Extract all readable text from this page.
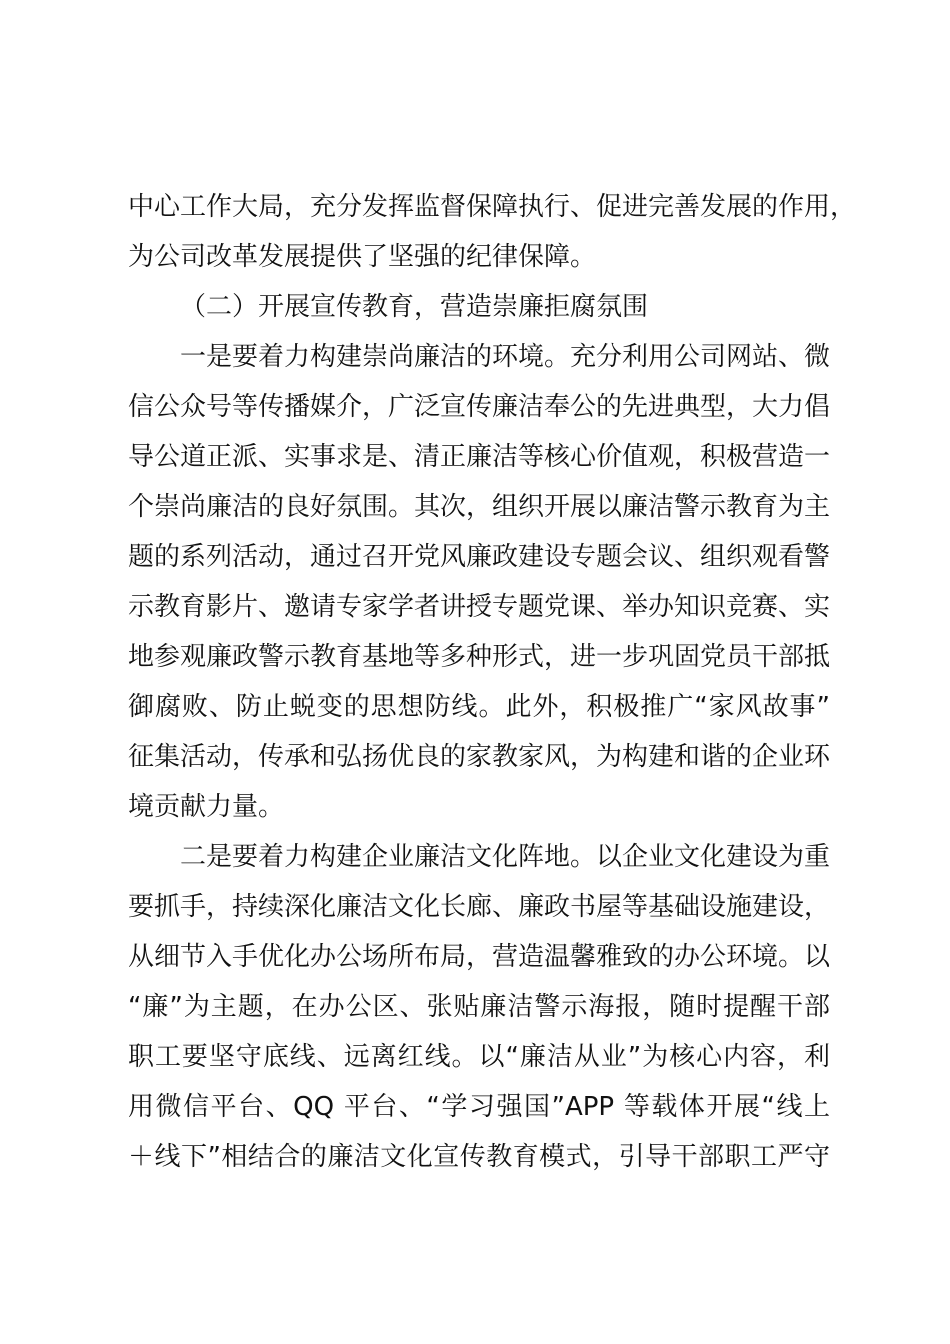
中心工作大局，充分发挥监督保障执行、促进完善发展的作用，
为公司改革发展提供了坚强的纪律保障。
（二）开展宣传教育，营造崇廉拒腐氛围
一是要着力构建崇尚廉洁的环境。充分利用公司网站、微
信公众号等传播媒介，广泛宣传廉洁奉公的先进典型，大力倡
导公道正派、实事求是、清正廉洁等核心价值观，积极营造一
个崇尚廉洁的良好氛围。其次，组织开展以廉洁警示教育为主
题的系列活动，通过召开党风廉政建设专题会议、组织观看警
示教育影片、邀请专家学者讲授专题党课、举办知识竞赛、实
地参观廉政警示教育基地等多种形式，进一步巩固党员干部抵
御腐败、防止蜕变的思想防线。此外，积极推广“家风故事”
征集活动，传承和弘扬优良的家教家风，为构建和谐的企业环
境贡献力量。
二是要着力构建企业廉洁文化阵地。以企业文化建设为重
要抓手，持续深化廉洁文化长廊、廉政书屋等基础设施建设，
从细节入手优化办公场所布局，营造温馨雅致的办公环境。以
“廉”为主题，在办公区、张贴廉洁警示海报，随时提醒干部
职工要坚守底线、远离红线。以“廉洁从业”为核心内容，利
用微信平台、QQ 平台、“学习强国”APP 等载体开展“线上
＋线下”相结合的廉洁文化宣传教育模式，引导干部职工严守
